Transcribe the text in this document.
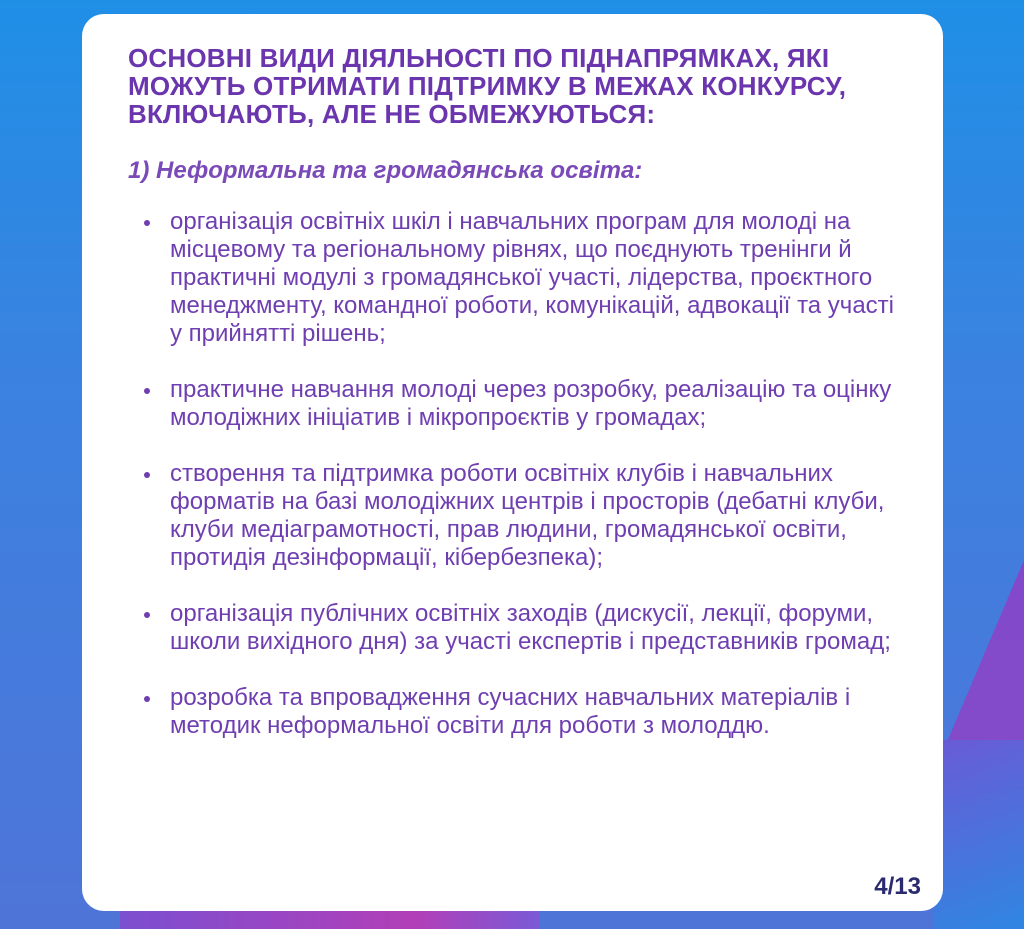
ОСНОВНІ ВИДИ ДІЯЛЬНОСТІ ПО ПІДНАПРЯМКАХ, ЯКІ МОЖУТЬ ОТРИМАТИ ПІДТРИМКУ В МЕЖАХ КОНКУРСУ, ВКЛЮЧАЮТЬ, АЛЕ НЕ ОБМЕЖУЮТЬСЯ:
1) Неформальна та громадянська освіта:
організація освітніх шкіл і навчальних програм для молоді на місцевому та регіональному рівнях, що поєднують тренінги й практичні модулі з громадянської участі, лідерства, проєктного менеджменту, командної роботи, комунікацій, адвокації та участі у прийнятті рішень;
практичне навчання молоді через розробку, реалізацію та оцінку молодіжних ініціатив і мікропроєктів у громадах;
створення та підтримка роботи освітніх клубів і навчальних форматів на базі молодіжних центрів і просторів (дебатні клуби, клуби медіаграмотності, прав людини, громадянської освіти, протидія дезінформації, кібербезпека);
організація публічних освітніх заходів (дискусії, лекції, форуми, школи вихідного дня) за участі експертів і представників громад;
розробка та впровадження сучасних навчальних матеріалів і методик неформальної освіти для роботи з молоддю.
4/13
